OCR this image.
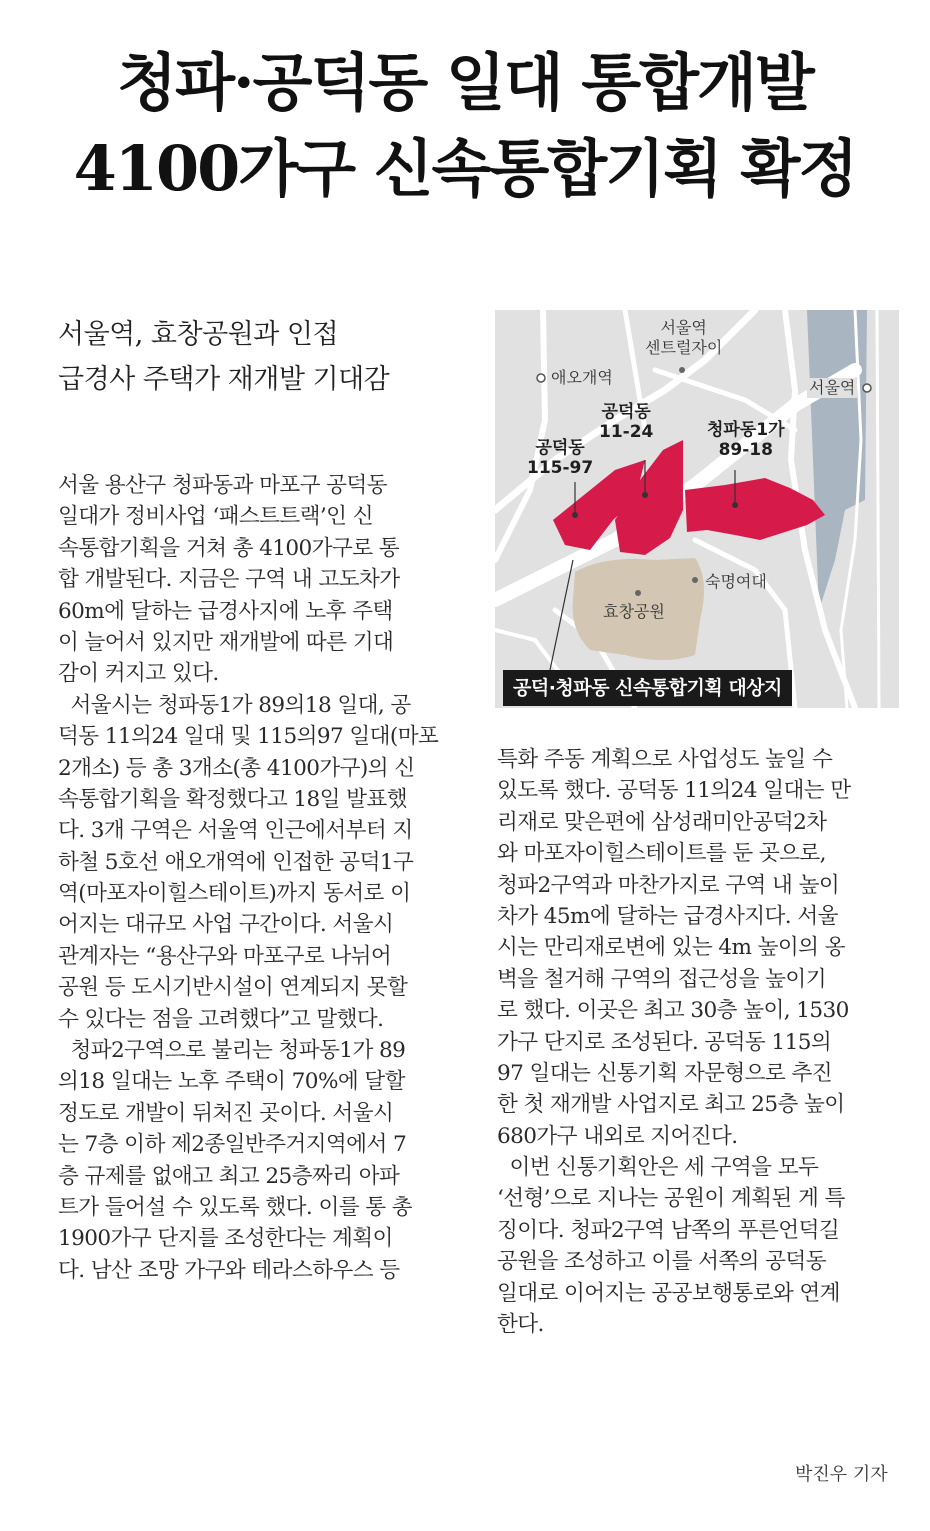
청파·공덕동 일대 통합개발
4100가구 신속통합기획 확정
서울역, 효창공원과 인접
급경사 주택가 재개발 기대감
서울 용산구 청파동과 마포구 공덕동
일대가 정비사업 ‘패스트트랙’인 신
속통합기획을 거쳐 총 4100가구로 통
합 개발된다. 지금은 구역 내 고도차가
60m에 달하는 급경사지에 노후 주택
이 늘어서 있지만 재개발에 따른 기대
감이 커지고 있다.
서울시는 청파동1가 89의18 일대, 공
덕동 11의24 일대 및 115의97 일대(마포
2개소) 등 총 3개소(총 4100가구)의 신
속통합기획을 확정했다고 18일 발표했
다. 3개 구역은 서울역 인근에서부터 지
하철 5호선 애오개역에 인접한 공덕1구
역(마포자이힐스테이트)까지 동서로 이
어지는 대규모 사업 구간이다. 서울시
관계자는 “용산구와 마포구로 나뉘어
공원 등 도시기반시설이 연계되지 못할
수 있다는 점을 고려했다”고 말했다.
청파2구역으로 불리는 청파동1가 89
의18 일대는 노후 주택이 70%에 달할
정도로 개발이 뒤처진 곳이다. 서울시
는 7층 이하 제2종일반주거지역에서 7
층 규제를 없애고 최고 25층짜리 아파
트가 들어설 수 있도록 했다. 이를 통 총
1900가구 단지를 조성한다는 계획이
다. 남산 조망 가구와 테라스하우스 등
특화 주동 계획으로 사업성도 높일 수
있도록 했다. 공덕동 11의24 일대는 만
리재로 맞은편에 삼성래미안공덕2차
와 마포자이힐스테이트를 둔 곳으로,
청파2구역과 마찬가지로 구역 내 높이
차가 45m에 달하는 급경사지다. 서울
시는 만리재로변에 있는 4m 높이의 옹
벽을 철거해 구역의 접근성을 높이기
로 했다. 이곳은 최고 30층 높이, 1530
가구 단지로 조성된다. 공덕동 115의
97 일대는 신통기획 자문형으로 추진
한 첫 재개발 사업지로 최고 25층 높이
680가구 내외로 지어진다.
이번 신통기획안은 세 구역을 모두
‘선형’으로 지나는 공원이 계획된 게 특
징이다. 청파2구역 남쪽의 푸른언덕길
공원을 조성하고 이를 서쪽의 공덕동
일대로 이어지는 공공보행통로와 연계
한다.
서울역
센트럴자이
애오개역
서울역
공덕동
11-24	청파동1가
89-18
공덕동
115-97
숙명여대
효창공원
공덕·청파동 신속통합기획 대상지
박진우 기자
